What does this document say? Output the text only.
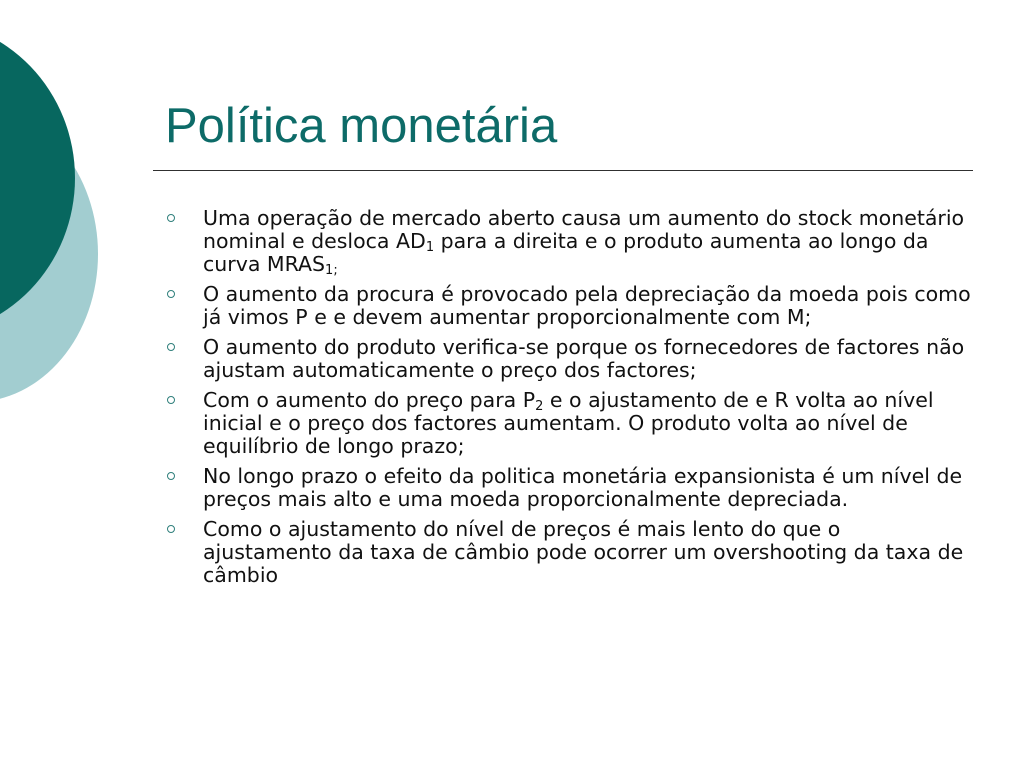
Política monetária
Uma operação de mercado aberto causa um aumento do stock monetário nominal e desloca $AD_1$ para a direita e o produto aumenta ao longo da curva $MRAS_{1;}$
O aumento da procura é provocado pela depreciação da moeda pois como já vimos P e e devem aumentar proporcionalmente com M;
O aumento do produto verifica-se porque os fornecedores de factores não ajustam automaticamente o preço dos factores;
Com o aumento do preço para $P_2$ e o ajustamento de e R volta ao nível inicial e o preço dos factores aumentam. O produto volta ao nível de equilíbrio de longo prazo;
No longo prazo o efeito da politica monetária expansionista é um nível de preços mais alto e uma moeda proporcionalmente depreciada.
Como o ajustamento do nível de preços é mais lento do que o ajustamento da taxa de câmbio pode ocorrer um overshooting da taxa de câmbio
